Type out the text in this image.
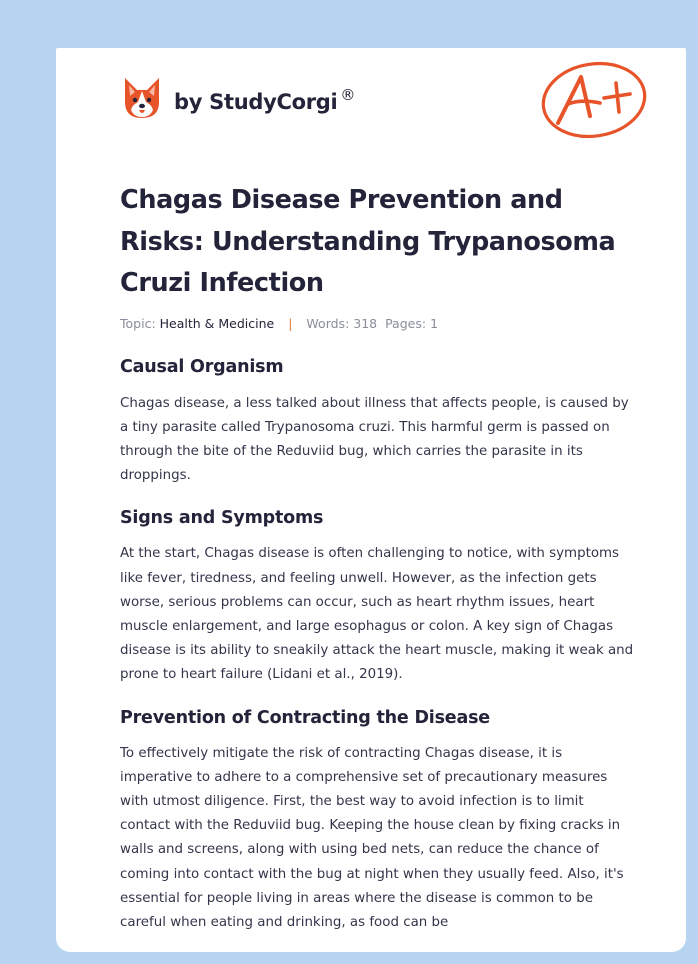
by StudyCorgi ®
A+
Chagas Disease Prevention and Risks: Understanding Trypanosoma Cruzi Infection
Topic: Health & Medicine | Words: 318 Pages: 1
Causal Organism

Chagas disease, a less talked about illness that affects people, is caused by a tiny parasite called Trypanosoma cruzi. This harmful germ is passed on through the bite of the Reduviid bug, which carries the parasite in its droppings.

Signs and Symptoms

At the start, Chagas disease is often challenging to notice, with symptoms like fever, tiredness, and feeling unwell. However, as the infection gets worse, serious problems can occur, such as heart rhythm issues, heart muscle enlargement, and large esophagus or colon. A key sign of Chagas disease is its ability to sneakily attack the heart muscle, making it weak and prone to heart failure (Lidani et al., 2019).

Prevention of Contracting the Disease

To effectively mitigate the risk of contracting Chagas disease, it is imperative to adhere to a comprehensive set of precautionary measures with utmost diligence. First, the best way to avoid infection is to limit contact with the Reduviid bug. Keeping the house clean by fixing cracks in walls and screens, along with using bed nets, can reduce the chance of coming into contact with the bug at night when they usually feed. Also, it's essential for people living in areas where the disease is common to be careful when eating and drinking, as food can be
